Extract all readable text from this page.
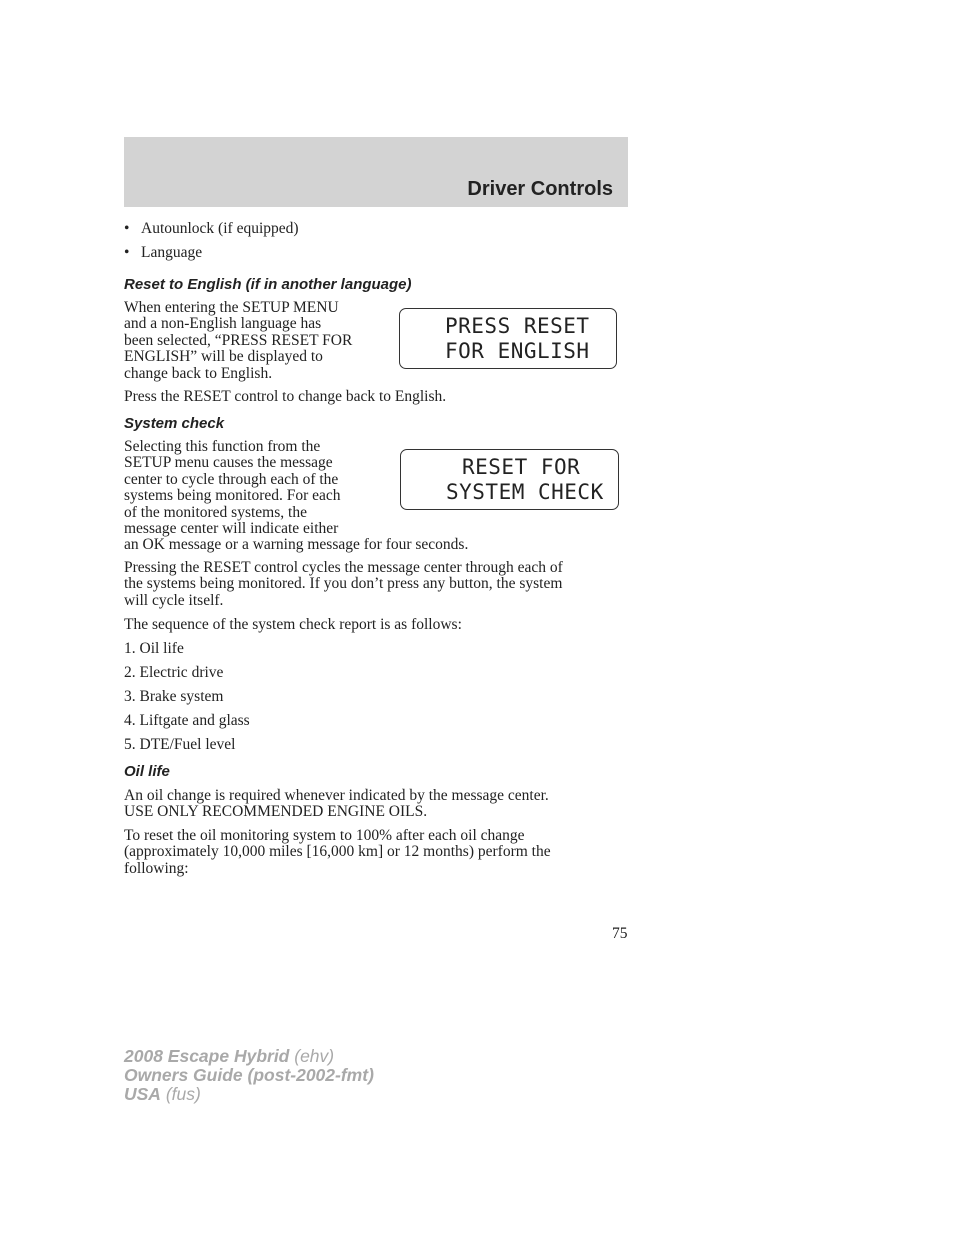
Driver Controls
• Autounlock (if equipped)
• Language
Reset to English (if in another language)
When entering the SETUP MENU
and a non-English language has
been selected, “PRESS RESET FOR
ENGLISH” will be displayed to
change back to English.
PRESS RESET
FOR ENGLISH
Press the RESET control to change back to English.
System check
Selecting this function from the
SETUP menu causes the message
center to cycle through each of the
systems being monitored. For each
of the monitored systems, the
message center will indicate either
an OK message or a warning message for four seconds.
RESET FOR
SYSTEM CHECK
Pressing the RESET control cycles the message center through each of
the systems being monitored. If you don’t press any button, the system
will cycle itself.
The sequence of the system check report is as follows:
1. Oil life
2. Electric drive
3. Brake system
4. Liftgate and glass
5. DTE/Fuel level
Oil life
An oil change is required whenever indicated by the message center.
USE ONLY RECOMMENDED ENGINE OILS.
To reset the oil monitoring system to 100% after each oil change
(approximately 10,000 miles [16,000 km] or 12 months) perform the
following:
75
2008 Escape Hybrid (ehv)
Owners Guide (post-2002-fmt)
USA (fus)
